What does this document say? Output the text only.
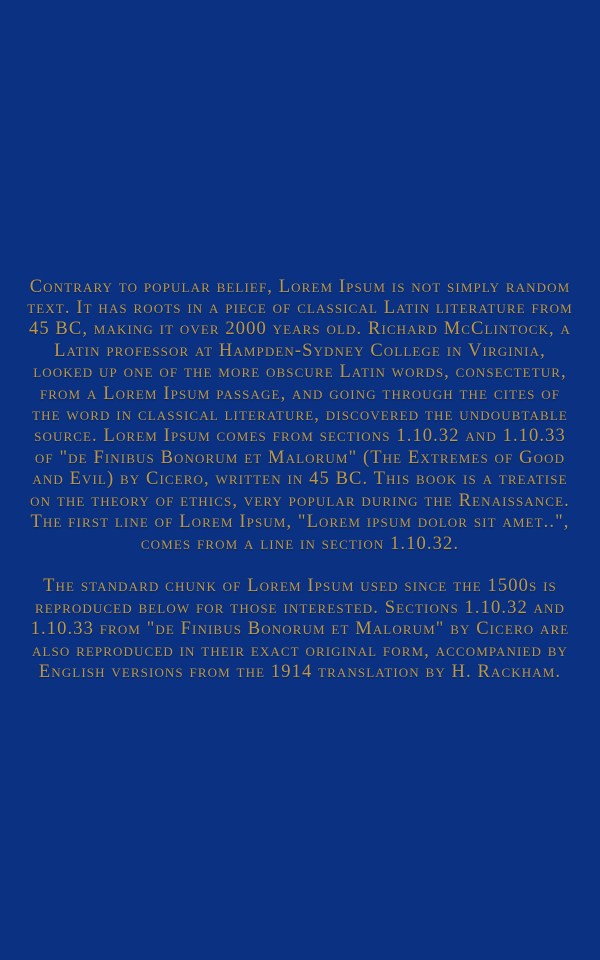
Contrary to popular belief, Lorem Ipsum is not simply random text. It has roots in a piece of classical Latin literature from 45 BC, making it over 2000 years old. Richard McClintock, a Latin professor at Hampden-Sydney College in Virginia, looked up one of the more obscure Latin words, consectetur, from a Lorem Ipsum passage, and going through the cites of the word in classical literature, discovered the undoubtable source. Lorem Ipsum comes from sections 1.10.32 and 1.10.33 of "de Finibus Bonorum et Malorum" (The Extremes of Good and Evil) by Cicero, written in 45 BC. This book is a treatise on the theory of ethics, very popular during the Renaissance. The first line of Lorem Ipsum, "Lorem ipsum dolor sit amet..", comes from a line in section 1.10.32.

The standard chunk of Lorem Ipsum used since the 1500s is reproduced below for those interested. Sections 1.10.32 and 1.10.33 from "de Finibus Bonorum et Malorum" by Cicero are also reproduced in their exact original form, accompanied by English versions from the 1914 translation by H. Rackham.
